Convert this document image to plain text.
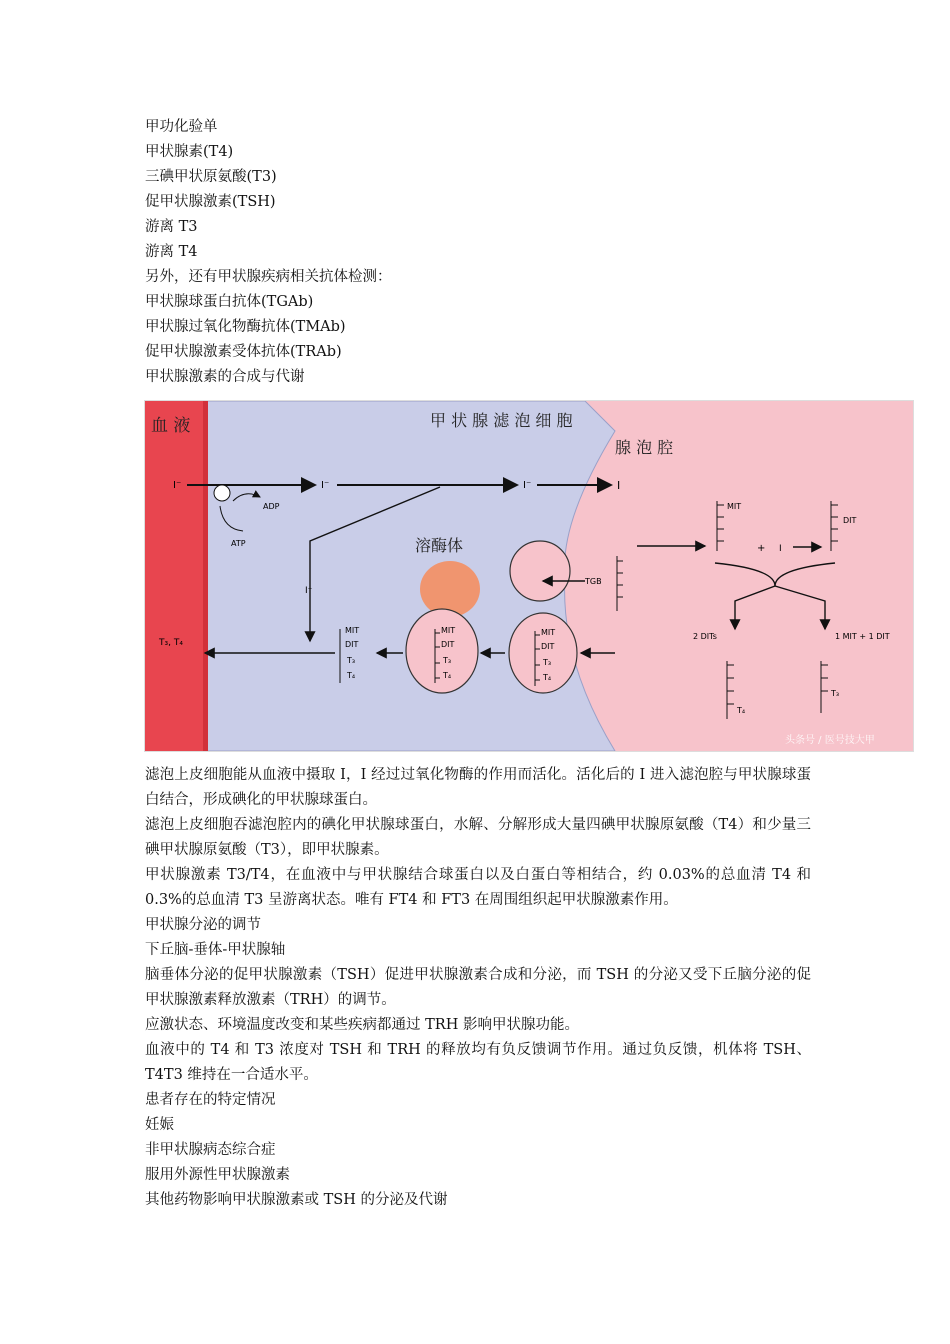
甲功化验单
甲状腺素(T4)
三碘甲状原氨酸(T3)
促甲状腺激素(TSH)
游离 T3
游离 T4
另外，还有甲状腺疾病相关抗体检测：
甲状腺球蛋白抗体(TGAb)
甲状腺过氧化物酶抗体(TMAb)
促甲状腺激素受体抗体(TRAb)
甲状腺激素的合成与代谢
血 液	甲 状 腺 滤 泡 细 胞
腺 泡 腔
I⁻
ADP
ATP
I⁻	I⁻	I
I⁻
溶酶体
MIT
DIT
T₃
T₄
TGB
MIT
DIT
T₃
T₄
MIT
DIT
T₃
T₄
T₃, T₄
MIT
+ I
DIT
2 DITs	1 MIT + 1 DIT
T₄
T₃
头条号 / 医号技大甲
滤泡上皮细胞能从血液中摄取 I，I 经过过氧化物酶的作用而活化。活化后的 I 进入滤泡腔与甲状腺球蛋白结合，形成碘化的甲状腺球蛋白。
滤泡上皮细胞吞滤泡腔内的碘化甲状腺球蛋白，水解、分解形成大量四碘甲状腺原氨酸（T4）和少量三碘甲状腺原氨酸（T3），即甲状腺素。
甲状腺激素 T3/T4，在血液中与甲状腺结合球蛋白以及白蛋白等相结合，约 0.03%的总血清 T4 和 0.3%的总血清 T3 呈游离状态。唯有 FT4 和 FT3 在周围组织起甲状腺激素作用。
甲状腺分泌的调节
下丘脑-垂体-甲状腺轴
脑垂体分泌的促甲状腺激素（TSH）促进甲状腺激素合成和分泌，而 TSH 的分泌又受下丘脑分泌的促甲状腺激素释放激素（TRH）的调节。
应激状态、环境温度改变和某些疾病都通过 TRH 影响甲状腺功能。
血液中的 T4 和 T3 浓度对 TSH 和 TRH 的释放均有负反馈调节作用。通过负反馈，机体将 TSH、T4T3 维持在一合适水平。
患者存在的特定情况
妊娠
非甲状腺病态综合症
服用外源性甲状腺激素
其他药物影响甲状腺激素或 TSH 的分泌及代谢
